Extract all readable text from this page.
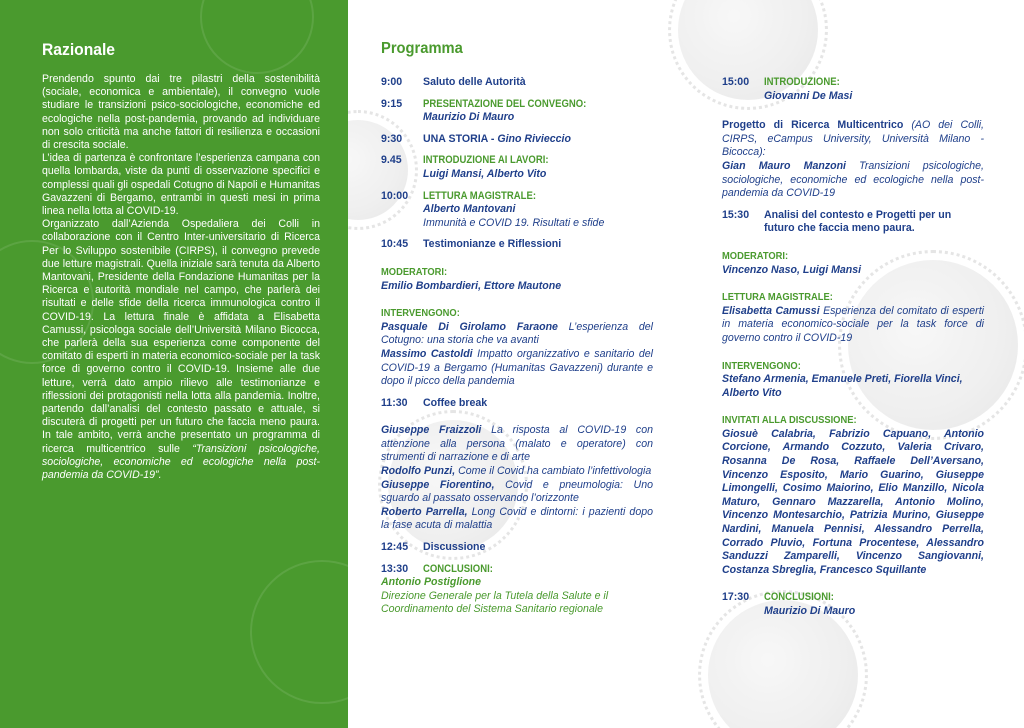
Razionale

Prendendo spunto dai tre pilastri della sostenibilità (sociale, economica e ambientale), il convegno vuole studiare le transizioni psico-sociologiche, economiche ed ecologiche nella post-pandemia, provando ad individuare non solo criticità ma anche fattori di resilienza e occasioni di crescita sociale.

L’idea di partenza è confrontare l’esperienza campana con quella lombarda, viste da punti di osservazione specifici e complessi quali gli ospedali Cotugno di Napoli e Humanitas Gavazzeni di Bergamo, entrambi in questi mesi in prima linea nella lotta al COVID-19.

Organizzato dall’Azienda Ospedaliera dei Colli in collaborazione con il Centro Inter-universitario di Ricerca Per lo Sviluppo sostenibile (CIRPS), il convegno prevede due letture magistrali. Quella iniziale sarà tenuta da Alberto Mantovani, Presidente della Fondazione Humanitas per la Ricerca e autorità mondiale nel campo, che parlerà dei risultati e delle sfide della ricerca immunologica contro il COVID-19. La lettura finale è affidata a Elisabetta Camussi, psicologa sociale dell’Università Milano Bicocca, che parlerà della sua esperienza come componente del comitato di esperti in materia economico-sociale per la task force di governo contro il COVID-19. Insieme alle due letture, verrà dato ampio rilievo alle testimonianze e riflessioni dei protagonisti nella lotta alla pandemia. Inoltre, partendo dall’analisi del contesto passato e attuale, si discuterà di progetti per un futuro che faccia meno paura. In tale ambito, verrà anche presentato un programma di ricerca multicentrico sulle “Transizioni psicologiche, sociologiche, economiche ed ecologiche nella post-pandemia da COVID-19”.

Programma
9:00	Saluto delle Autorità
9:15	PRESENTAZIONE DEL CONVEGNO:
Maurizio Di Mauro
9:30	UNA STORIA - Gino Rivieccio
9.45	INTRODUZIONE AI LAVORI:
Luigi Mansi, Alberto Vito
10:00	LETTURA MAGISTRALE:
Alberto Mantovani
Immunità e COVID 19. Risultati e sfide
10:45	Testimonianze e Riflessioni
MODERATORI:
Emilio Bombardieri, Ettore Mautone
INTERVENGONO:
Pasquale Di Girolamo Faraone L’esperienza del Cotugno: una storia che va avanti
Massimo Castoldi Impatto organizzativo e sanitario del COVID-19 a Bergamo (Humanitas Gavazzeni) durante e dopo il picco della pandemia
11:30	Coffee break
Giuseppe Fraizzoli La risposta al COVID-19 con attenzione alla persona (malato e operatore) con strumenti di narrazione e di arte
Rodolfo Punzi, Come il Covid ha cambiato l’infettivologia
Giuseppe Fiorentino, Covid e pneumologia: Uno sguardo al passato osservando l’orizzonte
Roberto Parrella, Long Covid e dintorni: i pazienti dopo la fase acuta di malattia
12:45	Discussione
13:30	CONCLUSIONI:
Antonio Postiglione
Direzione Generale per la Tutela della Salute e il Coordinamento del Sistema Sanitario regionale
15:00	INTRODUZIONE:
Giovanni De Masi
Progetto di Ricerca Multicentrico (AO dei Colli, CIRPS, eCampus University, Università Milano - Bicocca):
Gian Mauro Manzoni Transizioni psicologiche, sociologiche, economiche ed ecologiche nella post-pandemia da COVID-19
15:30	Analisi del contesto e Progetti per un futuro che faccia meno paura.
MODERATORI:
Vincenzo Naso, Luigi Mansi
LETTURA MAGISTRALE:
Elisabetta Camussi Esperienza del comitato di esperti in materia economico-sociale per la task force di governo contro il COVID-19
INTERVENGONO:
Stefano Armenia, Emanuele Preti, Fiorella Vinci, Alberto Vito
INVITATI ALLA DISCUSSIONE:
Giosuè Calabria, Fabrizio Capuano, Antonio Corcione, Armando Cozzuto, Valeria Crivaro, Rosanna De Rosa, Raffaele Dell’Aversano, Vincenzo Esposito, Mario Guarino, Giuseppe Limongelli, Cosimo Maiorino, Elio Manzillo, Nicola Maturo, Gennaro Mazzarella, Antonio Molino, Vincenzo Montesarchio, Patrizia Murino, Giuseppe Nardini, Manuela Pennisi, Alessandro Perrella, Corrado Pluvio, Fortuna Procentese, Alessandro Sanduzzi Zamparelli, Vincenzo Sangiovanni, Costanza Sbreglia, Francesco Squillante
17:30	CONCLUSIONI:
Maurizio Di Mauro
